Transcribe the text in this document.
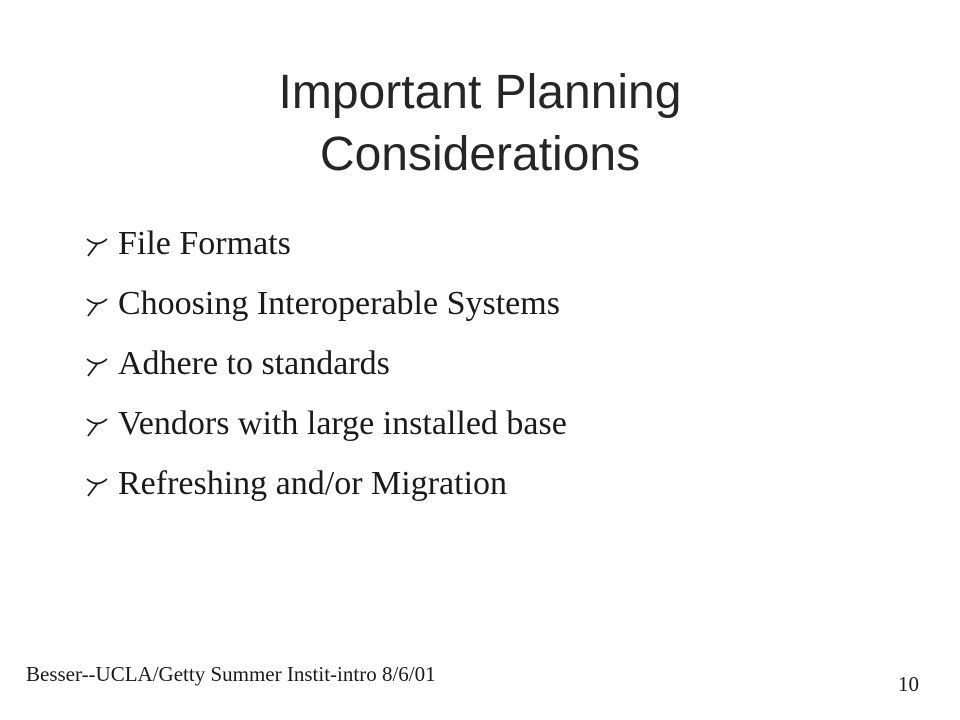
Important Planning
Considerations
File Formats
Choosing Interoperable Systems
Adhere to standards
Vendors with large installed base
Refreshing and/or Migration
Besser--UCLA/Getty Summer Instit-intro 8/6/01	10
